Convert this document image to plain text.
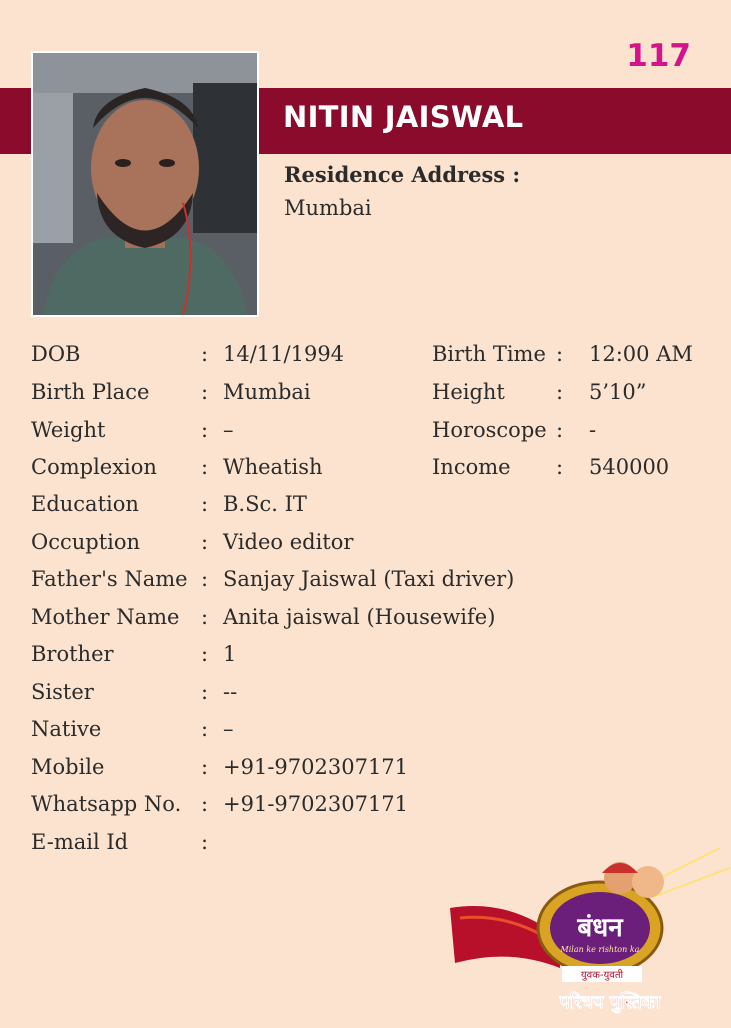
117
NITIN JAISWAL
Residence Address :
Mumbai
DOB	: 14/11/1994	Birth Time : 12:00 AM
Birth Place : Mumbai	Height : 5’10”
Weight	: –	Horoscope : -
Complexion : Wheatish	Income : 540000
Education	: B.Sc. IT
Occuption	: Video editor
Father's Name : Sanjay Jaiswal (Taxi driver)
Mother Name : Anita jaiswal (Housewife)
Brother	: 1
Sister	: --
Native	: –
Mobile	: +91-9702307171
Whatsapp No. : +91-9702307171
E-mail Id	:
बंधन
Milan ke rishton ka
युवक-युवती
परिचय पुस्तिका
